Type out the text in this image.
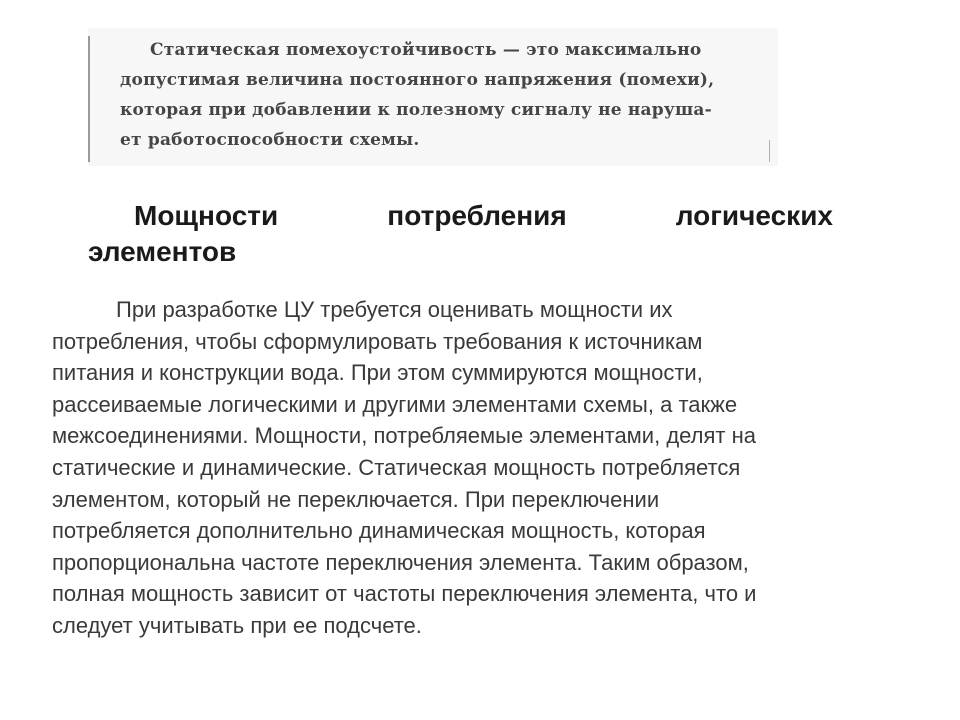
Статическая помехоустойчивость — это максимально
допустимая величина постоянного напряжения (помехи),
которая при добавлении к полезному сигналу не наруша-
ет работоспособности схемы.
Мощности	потребления	логических
элементов
При разработке ЦУ требуется оценивать мощности их
потребления, чтобы сформулировать требования к источникам
питания и конструкции вода. При этом суммируются мощности,
рассеиваемые логическими и другими элементами схемы, а также
межсоединениями. Мощности, потребляемые элементами, делят на
статические и динамические. Статическая мощность потребляется
элементом, который не переключается. При переключении
потребляется дополнительно динамическая мощность, которая
пропорциональна частоте переключения элемента. Таким образом,
полная мощность зависит от частоты переключения элемента, что и
следует учитывать при ее подсчете.
